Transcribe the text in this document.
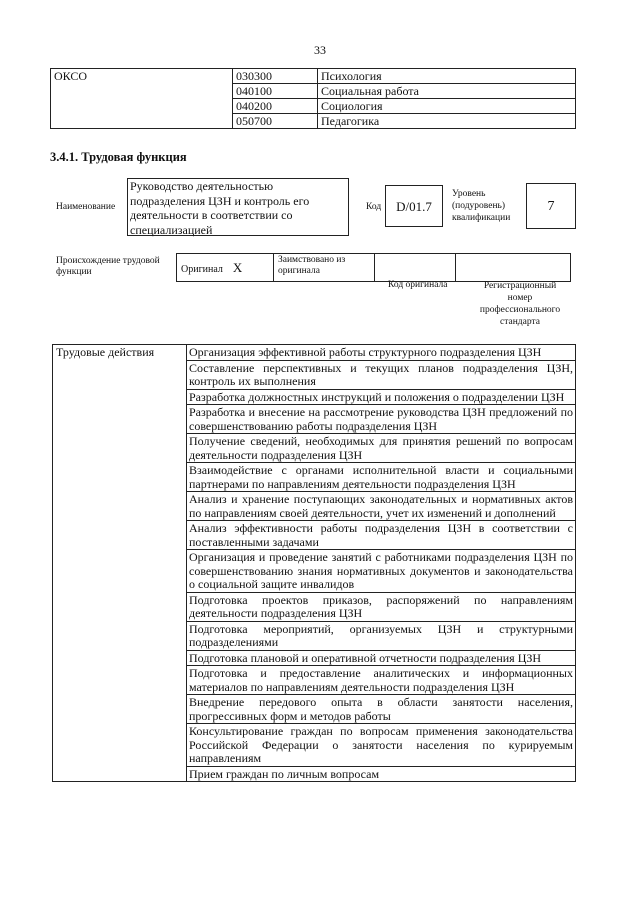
33
ОКСО	030300	Психология
	040100	Социальная работа
	040200	Социология
	050700	Педагогика
3.4.1. Трудовая функция
Наименование
Руководство деятельностью
подразделения ЦЗН и контроль его
деятельности в соответствии со
специализацией
Код	D/01.7
Уровень
(подуровень)
квалификации
7
Происхождение трудовой
функции	Оригинал X	Заимствовано из
оригинала

Код оригинала	Регистрационный
номер
профессионального
стандарта
Трудовые действия	Организация эффективной работы структурного подразделения ЦЗН
Составление перспективных и текущих планов подразделения ЦЗН, контроль их выполнения
Разработка должностных инструкций и положения о подразделении ЦЗН
Разработка и внесение на рассмотрение руководства ЦЗН предложений по совершенствованию работы подразделения ЦЗН
Получение сведений, необходимых для принятия решений по вопросам деятельности подразделения ЦЗН
Взаимодействие с органами исполнительной власти и социальными партнерами по направлениям деятельности подразделения ЦЗН
Анализ и хранение поступающих законодательных и нормативных актов по направлениям своей деятельности, учет их изменений и дополнений
Анализ эффективности работы подразделения ЦЗН в соответствии с поставленными задачами
Организация и проведение занятий с работниками подразделения ЦЗН по совершенствованию знания нормативных документов и законодательства о социальной защите инвалидов
Подготовка проектов приказов, распоряжений по направлениям деятельности подразделения ЦЗН
Подготовка мероприятий, организуемых ЦЗН и структурными подразделениями
Подготовка плановой и оперативной отчетности подразделения ЦЗН
Подготовка и предоставление аналитических и информационных материалов по направлениям деятельности подразделения ЦЗН
Внедрение передового опыта в области занятости населения, прогрессивных форм и методов работы
Консультирование граждан по вопросам применения законодательства Российской Федерации о занятости населения по курируемым направлениям
Прием граждан по личным вопросам
